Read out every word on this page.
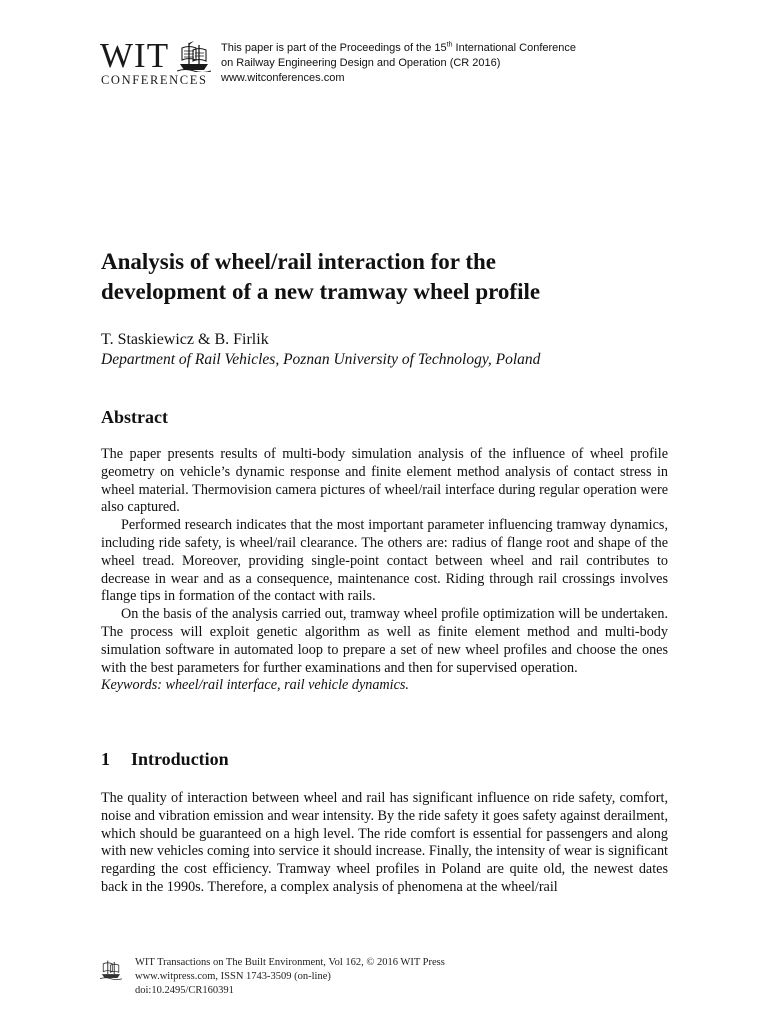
WIT
CONFERENCES
This paper is part of the Proceedings of the 15th International Conference
on Railway Engineering Design and Operation (CR 2016)
www.witconferences.com
Analysis of wheel/rail interaction for the
development of a new tramway wheel profile
T. Staskiewicz & B. Firlik
Department of Rail Vehicles, Poznan University of Technology, Poland
Abstract

The paper presents results of multi-body simulation analysis of the influence of wheel profile geometry on vehicle’s dynamic response and finite element method analysis of contact stress in wheel material. Thermovision camera pictures of wheel/rail interface during regular operation were also captured.

Performed research indicates that the most important parameter influencing tramway dynamics, including ride safety, is wheel/rail clearance. The others are: radius of flange root and shape of the wheel tread. Moreover, providing single-point contact between wheel and rail contributes to decrease in wear and as a consequence, maintenance cost. Riding through rail crossings involves flange tips in formation of the contact with rails.

On the basis of the analysis carried out, tramway wheel profile optimization will be undertaken. The process will exploit genetic algorithm as well as finite element method and multi-body simulation software in automated loop to prepare a set of new wheel profiles and choose the ones with the best parameters for further examinations and then for supervised operation.

Keywords: wheel/rail interface, rail vehicle dynamics.

1 Introduction

The quality of interaction between wheel and rail has significant influence on ride safety, comfort, noise and vibration emission and wear intensity. By the ride safety it goes safety against derailment, which should be guaranteed on a high level. The ride comfort is essential for passengers and along with new vehicles coming into service it should increase. Finally, the intensity of wear is significant regarding the cost efficiency. Tramway wheel profiles in Poland are quite old, the newest dates back in the 1990s. Therefore, a complex analysis of phenomena at the wheel/rail

WIT Transactions on The Built Environment, Vol 162, © 2016 WIT Press
www.witpress.com, ISSN 1743-3509 (on-line)
doi:10.2495/CR160391
